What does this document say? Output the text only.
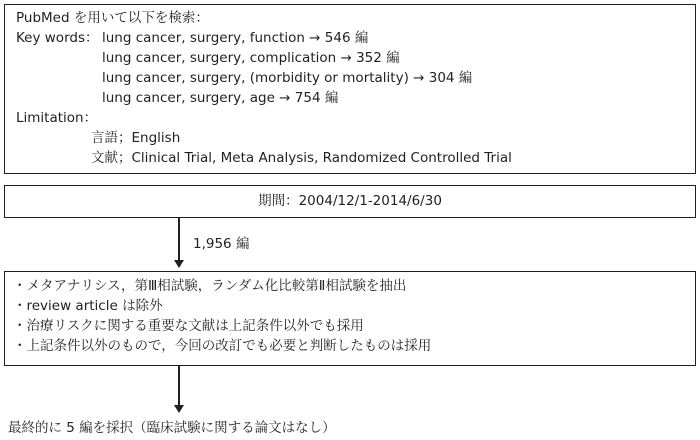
PubMed を用いて以下を検索：
Key words： lung cancer, surgery, function → 546 編
lung cancer, surgery, complication → 352 編
lung cancer, surgery, (morbidity or mortality) → 304 編
lung cancer, surgery, age → 754 編
Limitation：
言語；English
文献；Clinical Trial, Meta Analysis, Randomized Controlled Trial
期間：2004/12/1-2014/6/30
1,956 編
・メタアナリシス，第Ⅲ相試験，ランダム化比較第Ⅱ相試験を抽出
・review article は除外
・治療リスクに関する重要な文献は上記条件以外でも採用
・上記条件以外のもので，今回の改訂でも必要と判断したものは採用
最終的に 5 編を採択（臨床試験に関する論文はなし）
